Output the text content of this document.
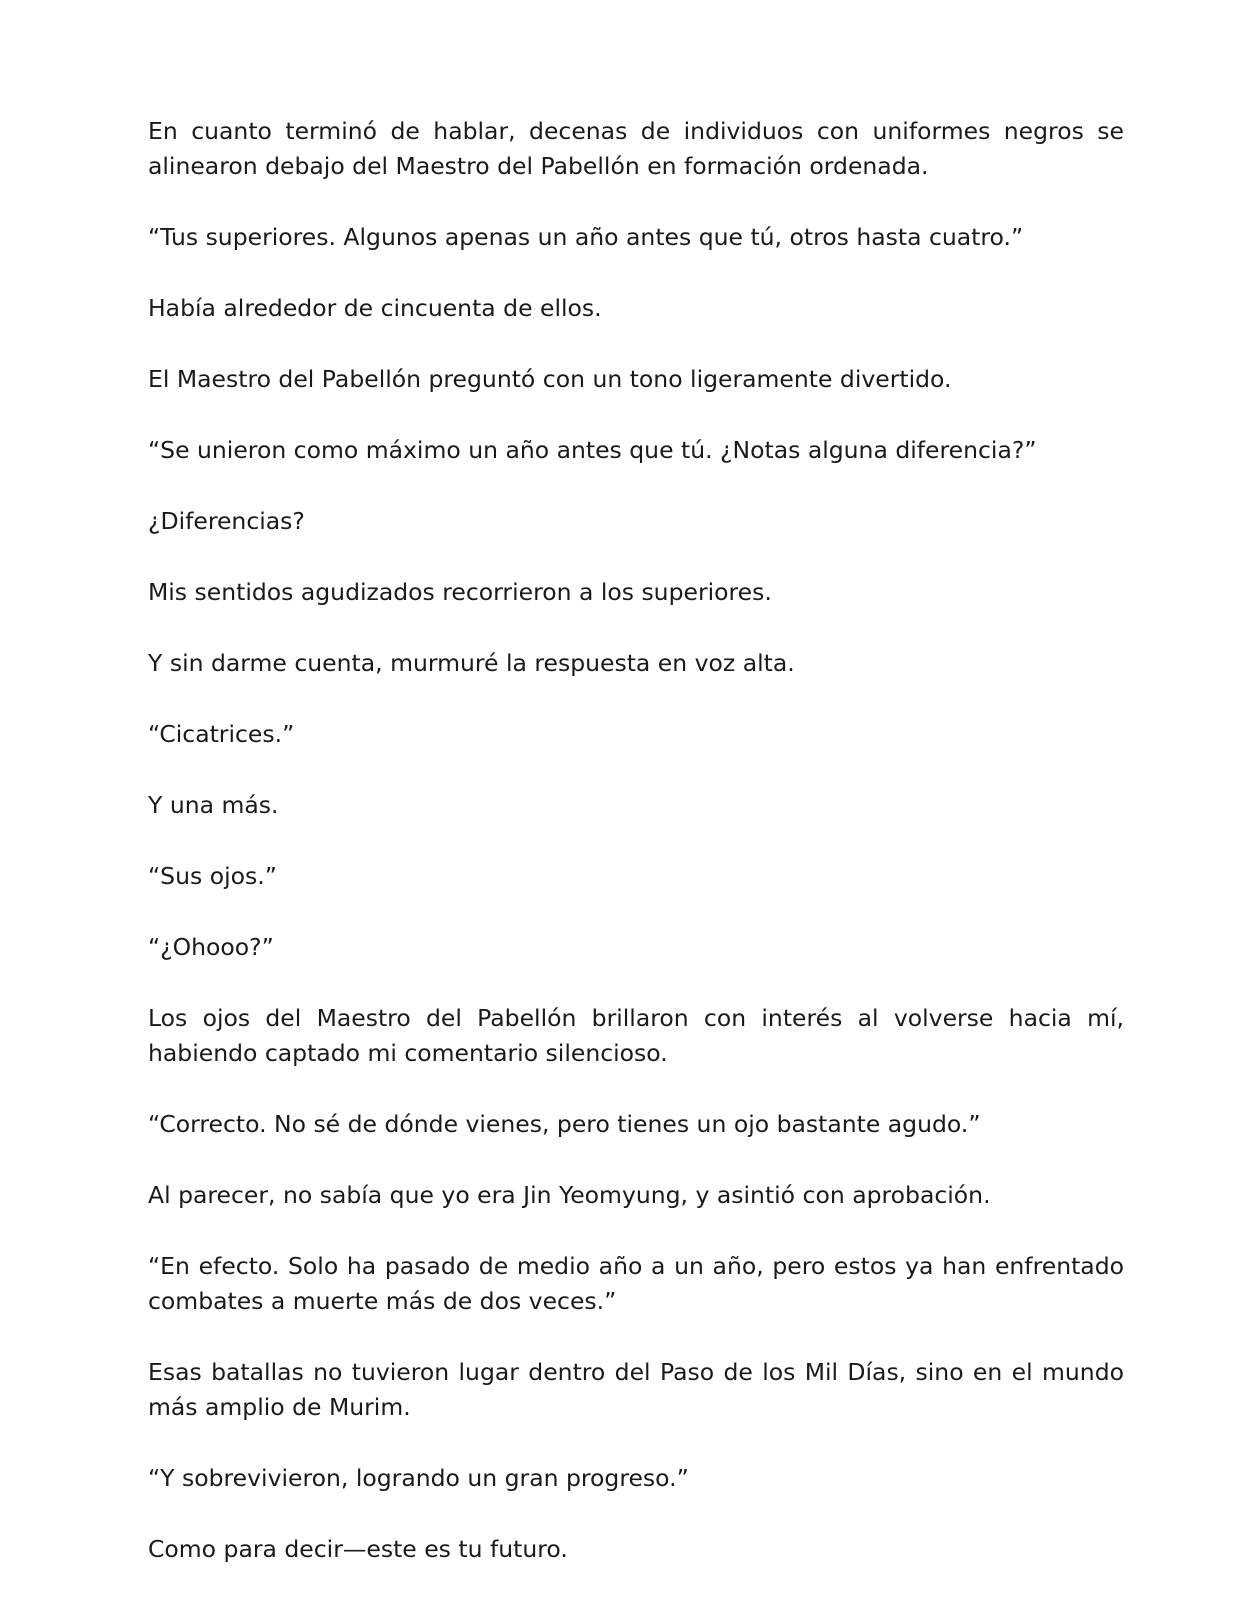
En cuanto terminó de hablar, decenas de individuos con uniformes negros se alinearon debajo del Maestro del Pabellón en formación ordenada.

“Tus superiores. Algunos apenas un año antes que tú, otros hasta cuatro.”

Había alrededor de cincuenta de ellos.

El Maestro del Pabellón preguntó con un tono ligeramente divertido.

“Se unieron como máximo un año antes que tú. ¿Notas alguna diferencia?”

¿Diferencias?

Mis sentidos agudizados recorrieron a los superiores.

Y sin darme cuenta, murmuré la respuesta en voz alta.

“Cicatrices.”

Y una más.

“Sus ojos.”

“¿Ohooo?”

Los ojos del Maestro del Pabellón brillaron con interés al volverse hacia mí, habiendo captado mi comentario silencioso.

“Correcto. No sé de dónde vienes, pero tienes un ojo bastante agudo.”

Al parecer, no sabía que yo era Jin Yeomyung, y asintió con aprobación.

“En efecto. Solo ha pasado de medio año a un año, pero estos ya han enfrentado combates a muerte más de dos veces.”

Esas batallas no tuvieron lugar dentro del Paso de los Mil Días, sino en el mundo más amplio de Murim.

“Y sobrevivieron, logrando un gran progreso.”

Como para decir—este es tu futuro.
